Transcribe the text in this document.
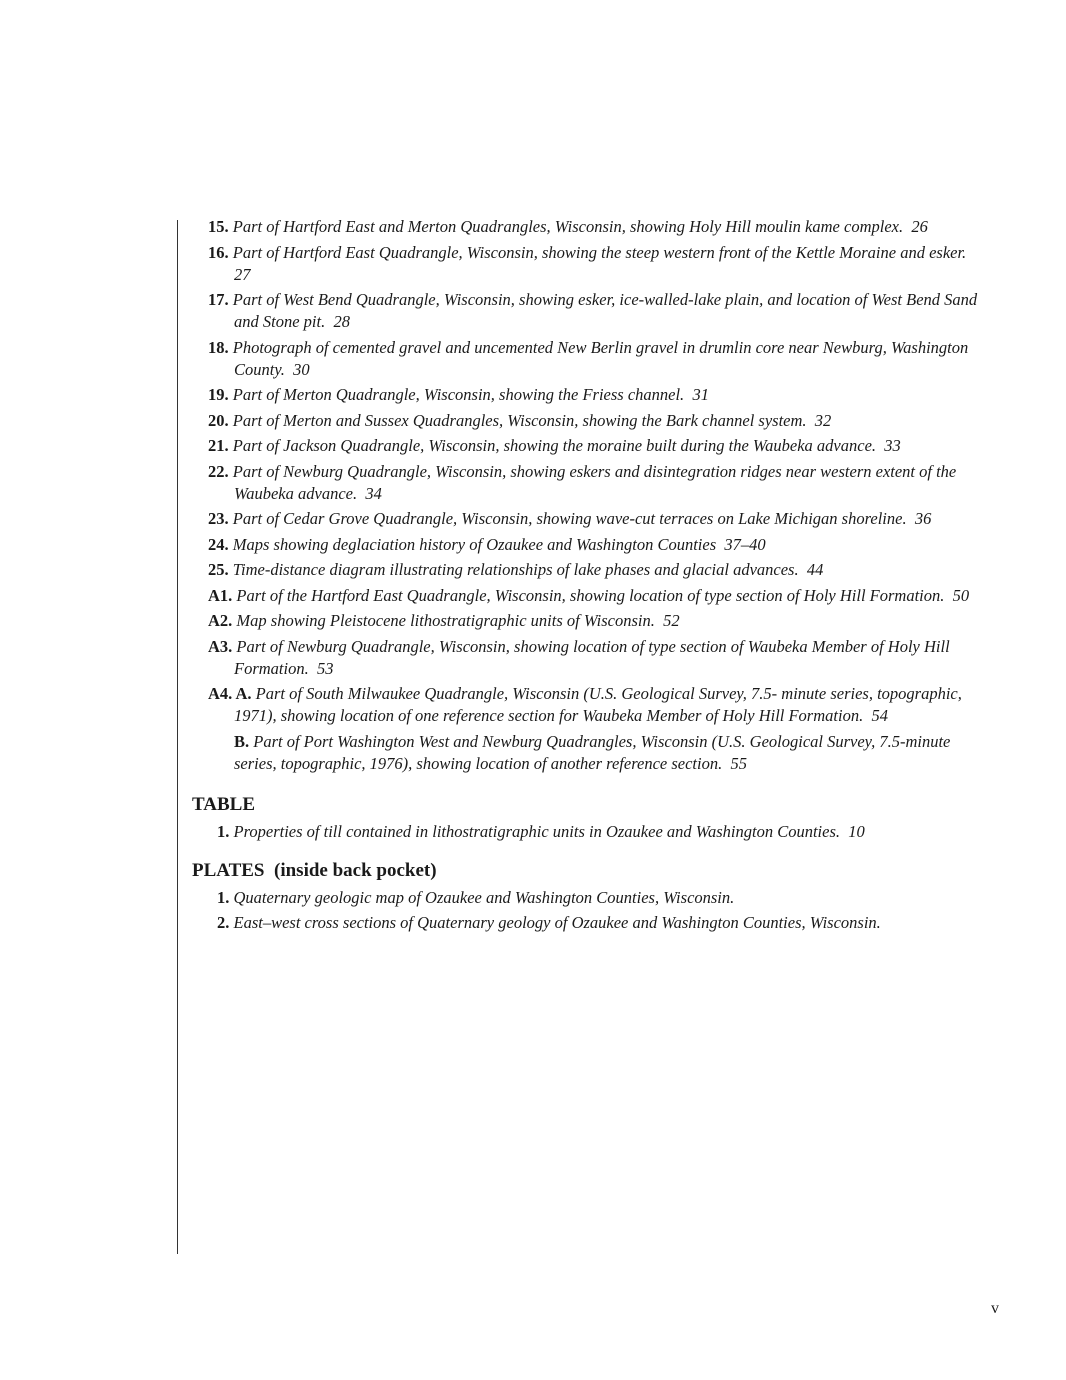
15. Part of Hartford East and Merton Quadrangles, Wisconsin, showing Holy Hill moulin kame complex. 26
16. Part of Hartford East Quadrangle, Wisconsin, showing the steep western front of the Kettle Moraine and esker.  27
17. Part of West Bend Quadrangle, Wisconsin, showing esker, ice-walled-lake plain, and location of West Bend Sand and Stone pit. 28
18. Photograph of cemented gravel and uncemented New Berlin gravel in drumlin core near Newburg, Washington County. 30
19. Part of Merton Quadrangle, Wisconsin, showing the Friess channel. 31
20. Part of Merton and Sussex Quadrangles, Wisconsin, showing the Bark channel system. 32
21. Part of Jackson Quadrangle, Wisconsin, showing the moraine built during the Waubeka advance. 33
22. Part of Newburg Quadrangle, Wisconsin, showing eskers and disintegration ridges near western extent of the Waubeka advance. 34
23. Part of Cedar Grove Quadrangle, Wisconsin, showing wave-cut terraces on Lake Michigan shoreline. 36
24. Maps showing deglaciation history of Ozaukee and Washington Counties 37–40
25. Time-distance diagram illustrating relationships of lake phases and glacial advances. 44
A1. Part of the Hartford East Quadrangle, Wisconsin, showing location of type section of Holy Hill Formation. 50
A2. Map showing Pleistocene lithostratigraphic units of Wisconsin. 52
A3. Part of Newburg Quadrangle, Wisconsin, showing location of type section of Waubeka Member of Holy Hill Formation. 53
A4. A. Part of South Milwaukee Quadrangle, Wisconsin (U.S. Geological Survey, 7.5- minute series, topographic, 1971), showing location of one reference section for Waubeka Member of Holy Hill Formation. 54
B. Part of Port Washington West and Newburg Quadrangles, Wisconsin (U.S. Geological Survey, 7.5-minute series, topographic, 1976), showing location of another reference section. 55
TABLE
1. Properties of till contained in lithostratigraphic units in Ozaukee and Washington Counties. 10
PLATES  (inside back pocket)
1. Quaternary geologic map of Ozaukee and Washington Counties, Wisconsin.
2. East–west cross sections of Quaternary geology of Ozaukee and Washington Counties, Wisconsin.
v
